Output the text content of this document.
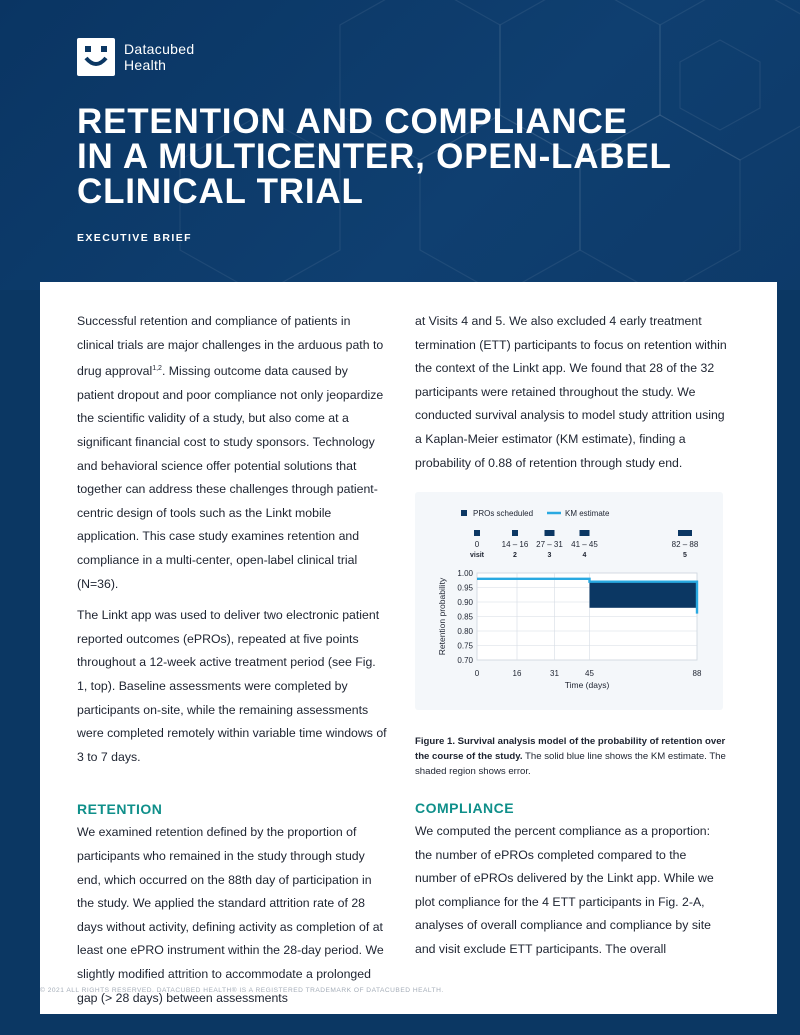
Datacubed
Health
RETENTION AND COMPLIANCE
IN A MULTICENTER, OPEN-LABEL
CLINICAL TRIAL
EXECUTIVE BRIEF

Successful retention and compliance of patients in clinical trials are major challenges in the arduous path to drug approval$^{1,2}$. Missing outcome data caused by patient dropout and poor compliance not only jeopardize the scientific validity of a study, but also come at a significant financial cost to study sponsors. Technology and behavioral science offer potential solutions that together can address these challenges through patient-centric design of tools such as the Linkt mobile application. This case study examines retention and compliance in a multi-center, open-label clinical trial (N=36).

The Linkt app was used to deliver two electronic patient reported outcomes (ePROs), repeated at five points throughout a 12-week active treatment period (see Fig. 1, top). Baseline assessments were completed by participants on-site, while the remaining assessments were completed remotely within variable time windows of 3 to 7 days.

RETENTION

We examined retention defined by the proportion of participants who remained in the study through study end, which occurred on the 88th day of participation in the study. We applied the standard attrition rate of 28 days without activity, defining activity as completion of at least one ePRO instrument within the 28-day period. We slightly modified attrition to accommodate a prolonged gap (> 28 days) between assessments

at Visits 4 and 5. We also excluded 4 early treatment termination (ETT) participants to focus on retention within the context of the Linkt app. We found that 28 of the 32 participants were retained throughout the study. We conducted survival analysis to model study attrition using a Kaplan-Meier estimator (KM estimate), finding a probability of 0.88 of retention through study end.

PROs scheduled	KM estimate
0	14 – 16
2
27 – 31
3
41 – 45
4
82 – 88
5
visit
1.00
0.95
0.90
0.85
0.80
0.75
0.70
0	16	31	45	88
Time (days)
Retention probability
Figure 1. Survival analysis model of the probability of retention over the course of the study. The solid blue line shows the KM estimate. The shaded region shows error.

COMPLIANCE

We computed the percent compliance as a proportion: the number of ePROs completed compared to the number of ePROs delivered by the Linkt app. While we plot compliance for the 4 ETT participants in Fig. 2-A, analyses of overall compliance and compliance by site and visit exclude ETT participants. The overall

© 2021 ALL RIGHTS RESERVED. DATACUBED HEALTH® IS A REGISTERED TRADEMARK OF DATACUBED HEALTH.
